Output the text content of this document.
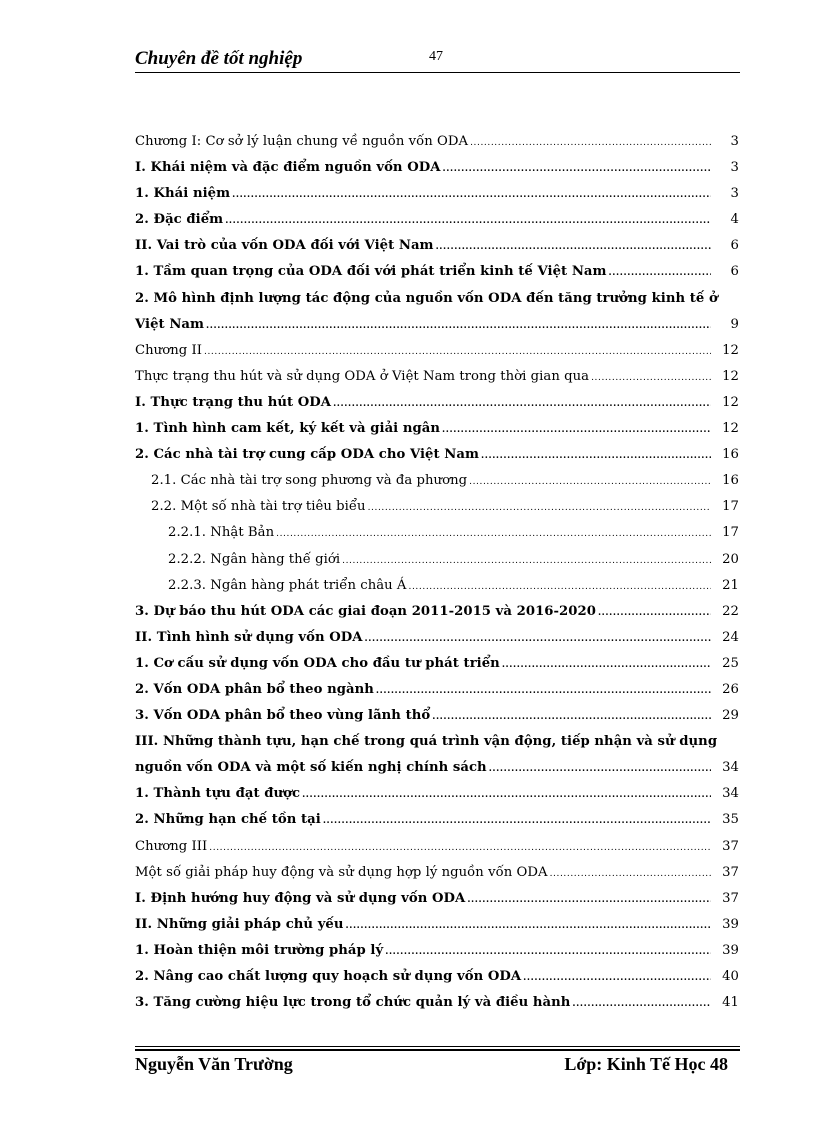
Chuyên đề tốt nghiệp	47
Chương I: Cơ sở lý luận chung về nguồn vốn ODA .....	3
I. Khái niệm và đặc điểm nguồn vốn ODA .....	3
1. Khái niệm .....	3
2. Đặc điểm .....	4
II. Vai trò của vốn ODA đối với Việt Nam .....	6
1. Tầm quan trọng của ODA đối với phát triển kinh tế Việt Nam .....	6
2. Mô hình định lượng tác động của nguồn vốn ODA đến tăng trưởng kinh tế ở
Việt Nam .....	9
Chương II .....	12
Thực trạng thu hút và sử dụng ODA ở Việt Nam trong thời gian qua .....	12
I. Thực trạng thu hút ODA .....	12
1. Tình hình cam kết, ký kết và giải ngân .....	12
2. Các nhà tài trợ cung cấp ODA cho Việt Nam .....	16
2.1. Các nhà tài trợ song phương và đa phương .....	16
2.2. Một số nhà tài trợ tiêu biểu .....	17
2.2.1. Nhật Bản .....	17
2.2.2. Ngân hàng thế giới .....	20
2.2.3. Ngân hàng phát triển châu Á .....	21
3. Dự báo thu hút ODA các giai đoạn 2011-2015 và 2016-2020 .....	22
II. Tình hình sử dụng vốn ODA .....	24
1. Cơ cấu sử dụng vốn ODA cho đầu tư phát triển .....	25
2. Vốn ODA phân bổ theo ngành .....	26
3. Vốn ODA phân bổ theo vùng lãnh thổ .....	29
III. Những thành tựu, hạn chế trong quá trình vận động, tiếp nhận và sử dụng
nguồn vốn ODA và một số kiến nghị chính sách .....	34
1. Thành tựu đạt được .....	34
2. Những hạn chế tồn tại .....	35
Chương III .....	37
Một số giải pháp huy động và sử dụng hợp lý nguồn vốn ODA .....	37
I. Định hướng huy động và sử dụng vốn ODA .....	37
II. Những giải pháp chủ yếu .....	39
1. Hoàn thiện môi trường pháp lý .....	39
2. Nâng cao chất lượng quy hoạch sử dụng vốn ODA .....	40
3. Tăng cường hiệu lực trong tổ chức quản lý và điều hành .....	41
Nguyễn Văn Trường	Lớp: Kinh Tế Học 48
